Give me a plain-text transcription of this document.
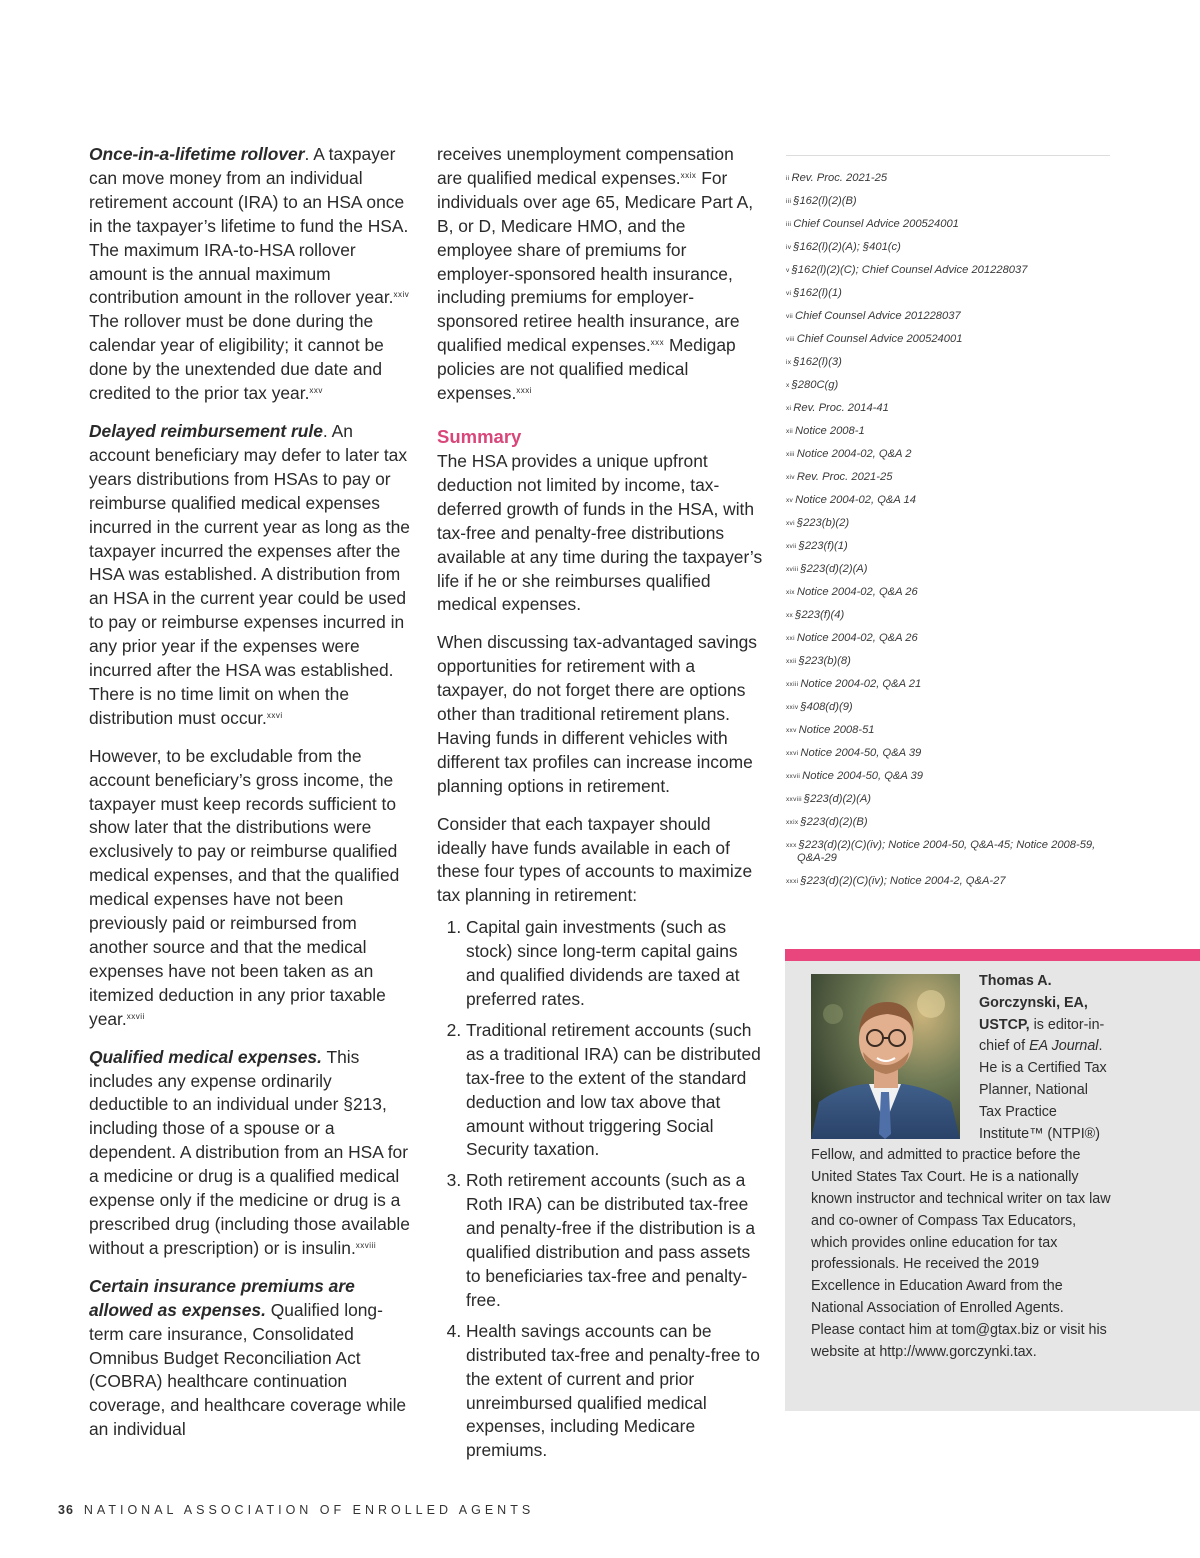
Once-in-a-lifetime rollover. A taxpayer can move money from an individual retirement account (IRA) to an HSA once in the taxpayer’s lifetime to fund the HSA. The maximum IRA-to-HSA rollover amount is the annual maximum contribution amount in the rollover year.$^{xxiv}$ The rollover must be done during the calendar year of eligibility; it cannot be done by the unextended due date and credited to the prior tax year.$^{xxv}$

Delayed reimbursement rule. An account beneficiary may defer to later tax years distributions from HSAs to pay or reimburse qualified medical expenses incurred in the current year as long as the taxpayer incurred the expenses after the HSA was established. A distribution from an HSA in the current year could be used to pay or reimburse expenses incurred in any prior year if the expenses were incurred after the HSA was established. There is no time limit on when the distribution must occur.$^{xxvi}$

However, to be excludable from the account beneficiary’s gross income, the taxpayer must keep records sufficient to show later that the distributions were exclusively to pay or reimburse qualified medical expenses, and that the qualified medical expenses have not been previously paid or reimbursed from another source and that the medical expenses have not been taken as an itemized deduction in any prior taxable year.$^{xxvii}$

Qualified medical expenses. This includes any expense ordinarily deductible to an individual under §213, including those of a spouse or a dependent. A distribution from an HSA for a medicine or drug is a qualified medical expense only if the medicine or drug is a prescribed drug (including those available without a prescription) or is insulin.$^{xxviii}$

Certain insurance premiums are allowed as expenses. Qualified long-term care insurance, Consolidated Omnibus Budget Reconciliation Act (COBRA) healthcare continuation coverage, and healthcare coverage while an individual

receives unemployment compensation are qualified medical expenses.$^{xxix}$ For individuals over age 65, Medicare Part A, B, or D, Medicare HMO, and the employee share of premiums for employer-sponsored health insurance, including premiums for employer-sponsored retiree health insurance, are qualified medical expenses.$^{xxx}$ Medigap policies are not qualified medical expenses.$^{xxxi}$

Summary

The HSA provides a unique upfront deduction not limited by income, tax-deferred growth of funds in the HSA, with tax-free and penalty-free distributions available at any time during the taxpayer’s life if he or she reimburses qualified medical expenses.

When discussing tax-advantaged savings opportunities for retirement with a taxpayer, do not forget there are options other than traditional retirement plans. Having funds in different vehicles with different tax profiles can increase income planning options in retirement.

Consider that each taxpayer should ideally have funds available in each of these four types of accounts to maximize tax planning in retirement:

1. Capital gain investments (such as stock) since long-term capital gains and qualified dividends are taxed at preferred rates.
2. Traditional retirement accounts (such as a traditional IRA) can be distributed tax-free to the extent of the standard deduction and low tax above that amount without triggering Social Security taxation.
3. Roth retirement accounts (such as a Roth IRA) can be distributed tax-free and penalty-free if the distribution is a qualified distribution and pass assets to beneficiaries tax-free and penalty-free.
4. Health savings accounts can be distributed tax-free and penalty-free to the extent of current and prior unreimbursed qualified medical expenses, including Medicare premiums.
$^{ii}$ Rev. Proc. 2021-25
$^{iii}$ §162(l)(2)(B)
$^{iii}$ Chief Counsel Advice 200524001
$^{iv}$ §162(l)(2)(A); §401(c)
$^v$ §162(l)(2)(C); Chief Counsel Advice 201228037
$^{vi}$ §162(l)(1)
$^{vii}$ Chief Counsel Advice 201228037
$^{viii}$ Chief Counsel Advice 200524001
$^{ix}$ §162(l)(3)
$^x$ §280C(g)
$^{xi}$ Rev. Proc. 2014-41
$^{xii}$ Notice 2008-1
$^{xiii}$ Notice 2004-02, Q&A 2
$^{xiv}$ Rev. Proc. 2021-25
$^{xv}$ Notice 2004-02, Q&A 14
$^{xvi}$ §223(b)(2)
$^{xvii}$ §223(f)(1)
$^{xviii}$ §223(d)(2)(A)
$^{xix}$ Notice 2004-02, Q&A 26
$^{xx}$ §223(f)(4)
$^{xxi}$ Notice 2004-02, Q&A 26
$^{xxii}$ §223(b)(8)
$^{xxiii}$ Notice 2004-02, Q&A 21
$^{xxiv}$ §408(d)(9)
$^{xxv}$ Notice 2008-51
$^{xxvi}$ Notice 2004-50, Q&A 39
$^{xxvii}$ Notice 2004-50, Q&A 39
$^{xxviii}$ §223(d)(2)(A)
$^{xxix}$ §223(d)(2)(B)
$^{xxx}$ §223(d)(2)(C)(iv); Notice 2004-50, Q&A-45; Notice 2008-59,
Q&A-29
$^{xxxi}$ §223(d)(2)(C)(iv); Notice 2004-2, Q&A-27
Thomas A. Gorczynski, EA, USTCP, is editor-in-chief of EA Journal. He is a Certified Tax Planner, National Tax Practice Institute™ (NTPI®) Fellow, and admitted to practice before the United States Tax Court. He is a nationally known instructor and technical writer on tax law and co-owner of Compass Tax Educators, which provides online education for tax professionals. He received the 2019 Excellence in Education Award from the National Association of Enrolled Agents. Please contact him at tom@gtax.biz or visit his website at http://www.gorczynki.tax.
36 NATIONAL ASSOCIATION OF ENROLLED AGENTS
